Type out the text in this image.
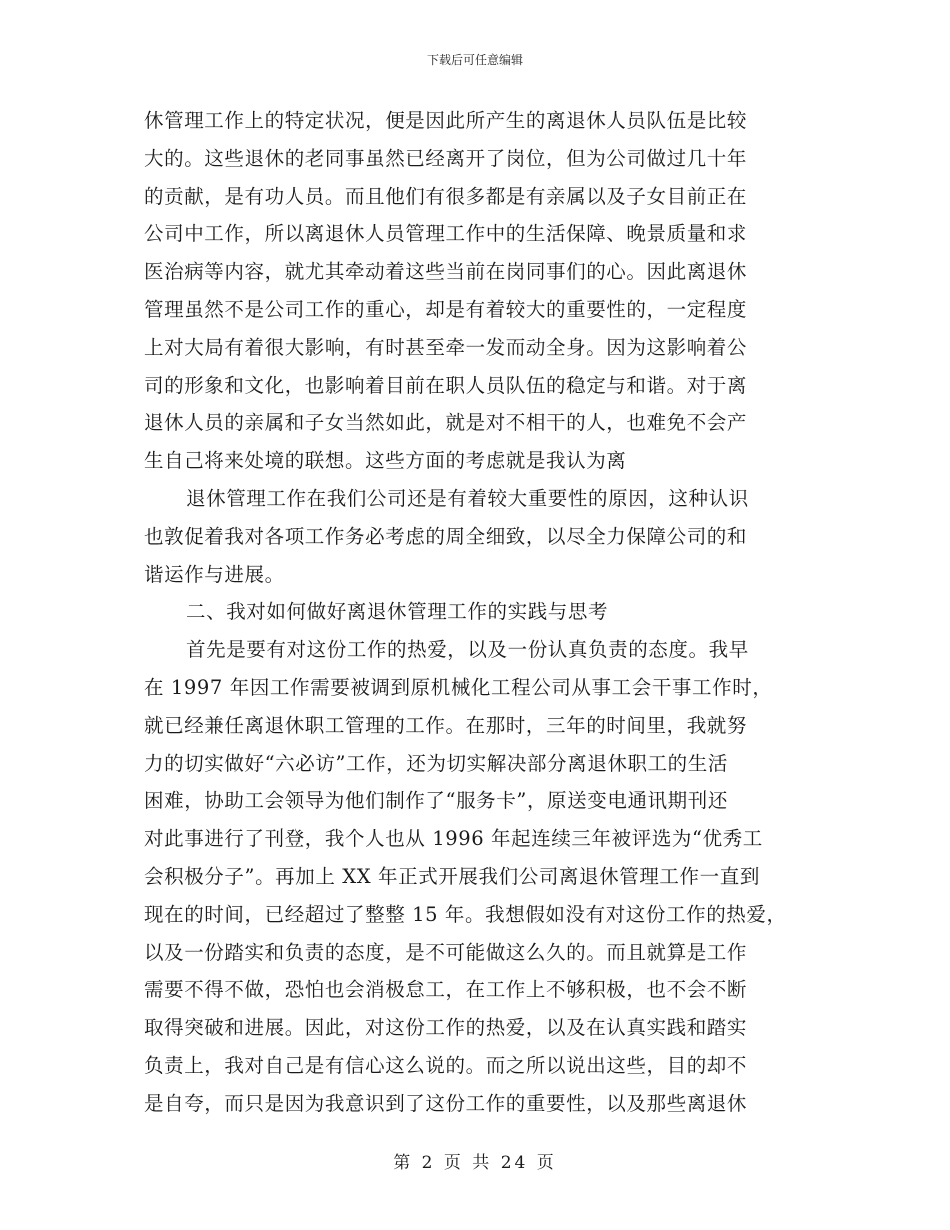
下载后可任意编辑
休管理工作上的特定状况，便是因此所产生的离退休人员队伍是比较
大的。这些退休的老同事虽然已经离开了岗位，但为公司做过几十年
的贡献，是有功人员。而且他们有很多都是有亲属以及子女目前正在
公司中工作，所以离退休人员管理工作中的生活保障、晚景质量和求
医治病等内容，就尤其牵动着这些当前在岗同事们的心。因此离退休
管理虽然不是公司工作的重心，却是有着较大的重要性的，一定程度
上对大局有着很大影响，有时甚至牵一发而动全身。因为这影响着公
司的形象和文化，也影响着目前在职人员队伍的稳定与和谐。对于离
退休人员的亲属和子女当然如此，就是对不相干的人，也难免不会产
生自己将来处境的联想。这些方面的考虑就是我认为离
退休管理工作在我们公司还是有着较大重要性的原因，这种认识
也敦促着我对各项工作务必考虑的周全细致，以尽全力保障公司的和
谐运作与进展。
二、我对如何做好离退休管理工作的实践与思考
首先是要有对这份工作的热爱，以及一份认真负责的态度。我早
在 1997 年因工作需要被调到原机械化工程公司从事工会干事工作时，
就已经兼任离退休职工管理的工作。在那时，三年的时间里，我就努
力的切实做好“六必访”工作，还为切实解决部分离退休职工的生活
困难，协助工会领导为他们制作了“服务卡”，原送变电通讯期刊还
对此事进行了刊登，我个人也从 1996 年起连续三年被评选为“优秀工
会积极分子”。再加上 XX 年正式开展我们公司离退休管理工作一直到
现在的时间，已经超过了整整 15 年。我想假如没有对这份工作的热爱，
以及一份踏实和负责的态度，是不可能做这么久的。而且就算是工作
需要不得不做，恐怕也会消极怠工，在工作上不够积极，也不会不断
取得突破和进展。因此，对这份工作的热爱，以及在认真实践和踏实
负责上，我对自己是有信心这么说的。而之所以说出这些，目的却不
是自夸，而只是因为我意识到了这份工作的重要性，以及那些离退休
第 2 页 共 24 页
